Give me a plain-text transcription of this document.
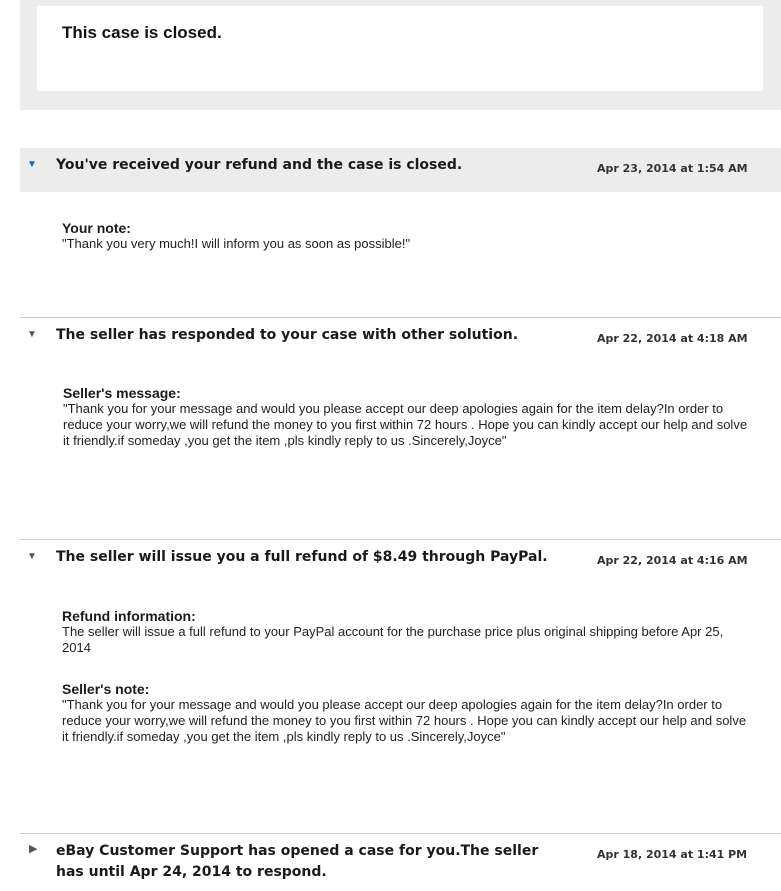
This case is closed.
▼ You've received your refund and the case is closed.	Apr 23, 2014 at 1:54 AM
Your note:
"Thank you very much!I will inform you as soon as possible!"
▼ The seller has responded to your case with other solution.	Apr 22, 2014 at 4:18 AM
Seller's message:
"Thank you for your message and would you please accept our deep apologies again for the item delay?In order to reduce your worry,we will refund the money to you first within 72 hours . Hope you can kindly accept our help and solve it friendly.if someday ,you get the item ,pls kindly reply to us .Sincerely,Joyce"
▼ The seller will issue you a full refund of $8.49 through PayPal.	Apr 22, 2014 at 4:16 AM
Refund information:
The seller will issue a full refund to your PayPal account for the purchase price plus original shipping before Apr 25, 2014
Seller's note:
"Thank you for your message and would you please accept our deep apologies again for the item delay?In order to reduce your worry,we will refund the money to you first within 72 hours . Hope you can kindly accept our help and solve it friendly.if someday ,you get the item ,pls kindly reply to us .Sincerely,Joyce"
▶ eBay Customer Support has opened a case for you.The seller has until Apr 24, 2014 to respond.
Apr 18, 2014 at 1:41 PM
